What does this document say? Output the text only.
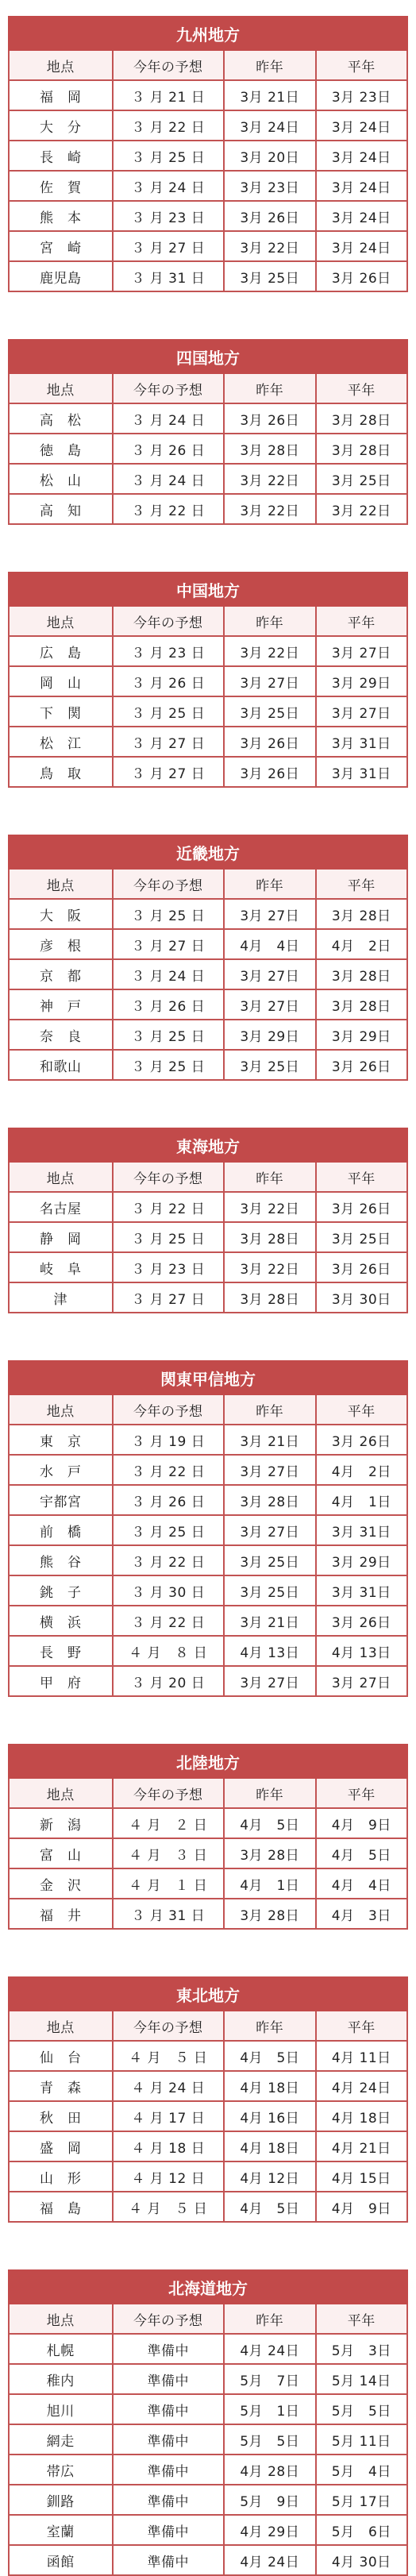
九州地方			
地点	今年の予想	昨年	平年
福　岡	３ 月 21 日	3月 21日	3月 23日
大　分	３ 月 22 日	3月 24日	3月 24日
長　崎	３ 月 25 日	3月 20日	3月 24日
佐　賀	３ 月 24 日	3月 23日	3月 24日
熊　本	３ 月 23 日	3月 26日	3月 24日
宮　崎	３ 月 27 日	3月 22日	3月 24日
鹿児島	３ 月 31 日	3月 25日	3月 26日
四国地方			
地点	今年の予想	昨年	平年
高　松	３ 月 24 日	3月 26日	3月 28日
徳　島	３ 月 26 日	3月 28日	3月 28日
松　山	３ 月 24 日	3月 22日	3月 25日
高　知	３ 月 22 日	3月 22日	3月 22日
中国地方			
地点	今年の予想	昨年	平年
広　島	３ 月 23 日	3月 22日	3月 27日
岡　山	３ 月 26 日	3月 27日	3月 29日
下　関	３ 月 25 日	3月 25日	3月 27日
松　江	３ 月 27 日	3月 26日	3月 31日
鳥　取	３ 月 27 日	3月 26日	3月 31日
近畿地方			
地点	今年の予想	昨年	平年
大　阪	３ 月 25 日	3月 27日	3月 28日
彦　根	３ 月 27 日	4月　4日	4月　2日
京　都	３ 月 24 日	3月 27日	3月 28日
神　戸	３ 月 26 日	3月 27日	3月 28日
奈　良	３ 月 25 日	3月 29日	3月 29日
和歌山	３ 月 25 日	3月 25日	3月 26日
東海地方			
地点	今年の予想	昨年	平年
名古屋	３ 月 22 日	3月 22日	3月 26日
静　岡	３ 月 25 日	3月 28日	3月 25日
岐　阜	３ 月 23 日	3月 22日	3月 26日
津	３ 月 27 日	3月 28日	3月 30日
関東甲信地方			
地点	今年の予想	昨年	平年
東　京	３ 月 19 日	3月 21日	3月 26日
水　戸	３ 月 22 日	3月 27日	4月　2日
宇都宮	３ 月 26 日	3月 28日	4月　1日
前　橋	３ 月 25 日	3月 27日	3月 31日
熊　谷	３ 月 22 日	3月 25日	3月 29日
銚　子	３ 月 30 日	3月 25日	3月 31日
横　浜	３ 月 22 日	3月 21日	3月 26日
長　野	４ 月　８ 日	4月 13日	4月 13日
甲　府	３ 月 20 日	3月 27日	3月 27日
北陸地方			
地点	今年の予想	昨年	平年
新　潟	４ 月　２ 日	4月　5日	4月　9日
富　山	４ 月　３ 日	3月 28日	4月　5日
金　沢	４ 月　１ 日	4月　1日	4月　4日
福　井	３ 月 31 日	3月 28日	4月　3日
東北地方			
地点	今年の予想	昨年	平年
仙　台	４ 月　５ 日	4月　5日	4月 11日
青　森	４ 月 24 日	4月 18日	4月 24日
秋　田	４ 月 17 日	4月 16日	4月 18日
盛　岡	４ 月 18 日	4月 18日	4月 21日
山　形	４ 月 12 日	4月 12日	4月 15日
福　島	４ 月　５ 日	4月　5日	4月　9日
北海道地方			
地点	今年の予想	昨年	平年
札幌	準備中	4月 24日	5月　3日
稚内	準備中	5月　7日	5月 14日
旭川	準備中	5月　1日	5月　5日
網走	準備中	5月　5日	5月 11日
帯広	準備中	4月 28日	5月　4日
釧路	準備中	5月　9日	5月 17日
室蘭	準備中	4月 29日	5月　6日
函館	準備中	4月 24日	4月 30日
